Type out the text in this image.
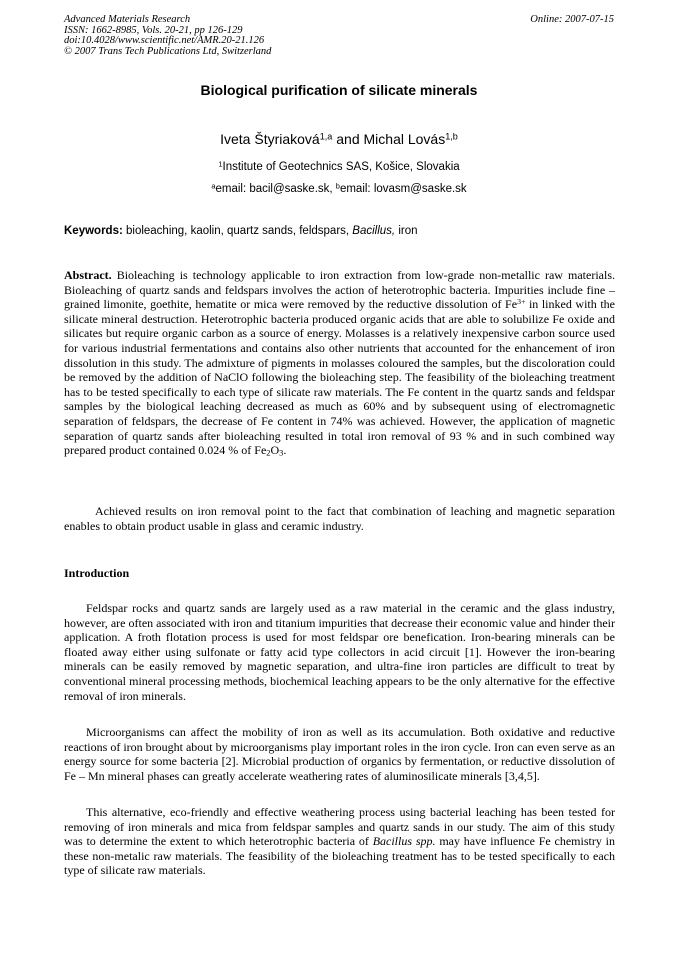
Advanced Materials Research
ISSN: 1662-8985, Vols. 20-21, pp 126-129
doi:10.4028/www.scientific.net/AMR.20-21.126
© 2007 Trans Tech Publications Ltd, Switzerland
Online: 2007-07-15
Biological purification of silicate minerals
Iveta Štyriaková$^{1,a}$ and Michal Lovás$^{1,b}$
$^1$Institute of Geotechnics SAS, Košice, Slovakia
$^a$email: bacil@saske.sk, $^b$email: lovasm@saske.sk
Keywords: bioleaching, kaolin, quartz sands, feldspars, Bacillus, iron
Abstract. Bioleaching is technology applicable to iron extraction from low-grade non-metallic raw materials. Bioleaching of quartz sands and feldspars involves the action of heterotrophic bacteria. Impurities include fine – grained limonite, goethite, hematite or mica were removed by the reductive dissolution of $Fe^{3+}$ in linked with the silicate mineral destruction. Heterotrophic bacteria produced organic acids that are able to solubilize Fe oxide and silicates but require organic carbon as a source of energy. Molasses is a relatively inexpensive carbon source used for various industrial fermentations and contains also other nutrients that accounted for the enhancement of iron dissolution in this study. The admixture of pigments in molasses coloured the samples, but the discoloration could be removed by the addition of NaClO following the bioleaching step. The feasibility of the bioleaching treatment has to be tested specifically to each type of silicate raw materials. The Fe content in the quartz sands and feldspar samples by the biological leaching decreased as much as 60% and by subsequent using of electromagnetic separation of feldspars, the decrease of Fe content in 74% was achieved. However, the application of magnetic separation of quartz sands after bioleaching resulted in total iron removal of 93 % and in such combined way prepared product contained 0.024 % of $Fe_2O_3$.

Achieved results on iron removal point to the fact that combination of leaching and magnetic separation enables to obtain product usable in glass and ceramic industry.

Introduction

Feldspar rocks and quartz sands are largely used as a raw material in the ceramic and the glass industry, however, are often associated with iron and titanium impurities that decrease their economic value and hinder their application. A froth flotation process is used for most feldspar ore benefication. Iron-bearing minerals can be floated away either using sulfonate or fatty acid type collectors in acid circuit [1]. However the iron-bearing minerals can be easily removed by magnetic separation, and ultra-fine iron particles are difficult to treat by conventional mineral processing methods, biochemical leaching appears to be the only alternative for the effective removal of iron minerals.

Microorganisms can affect the mobility of iron as well as its accumulation. Both oxidative and reductive reactions of iron brought about by microorganisms play important roles in the iron cycle. Iron can even serve as an energy source for some bacteria [2]. Microbial production of organics by fermentation, or reductive dissolution of Fe – Mn mineral phases can greatly accelerate weathering rates of aluminosilicate minerals [3,4,5].

This alternative, eco-friendly and effective weathering process using bacterial leaching has been tested for removing of iron minerals and mica from feldspar samples and quartz sands in our study. The aim of this study was to determine the extent to which heterotrophic bacteria of Bacillus spp. may have influence Fe chemistry in these non-metalic raw materials. The feasibility of the bioleaching treatment has to be tested specifically to each type of silicate raw materials.
